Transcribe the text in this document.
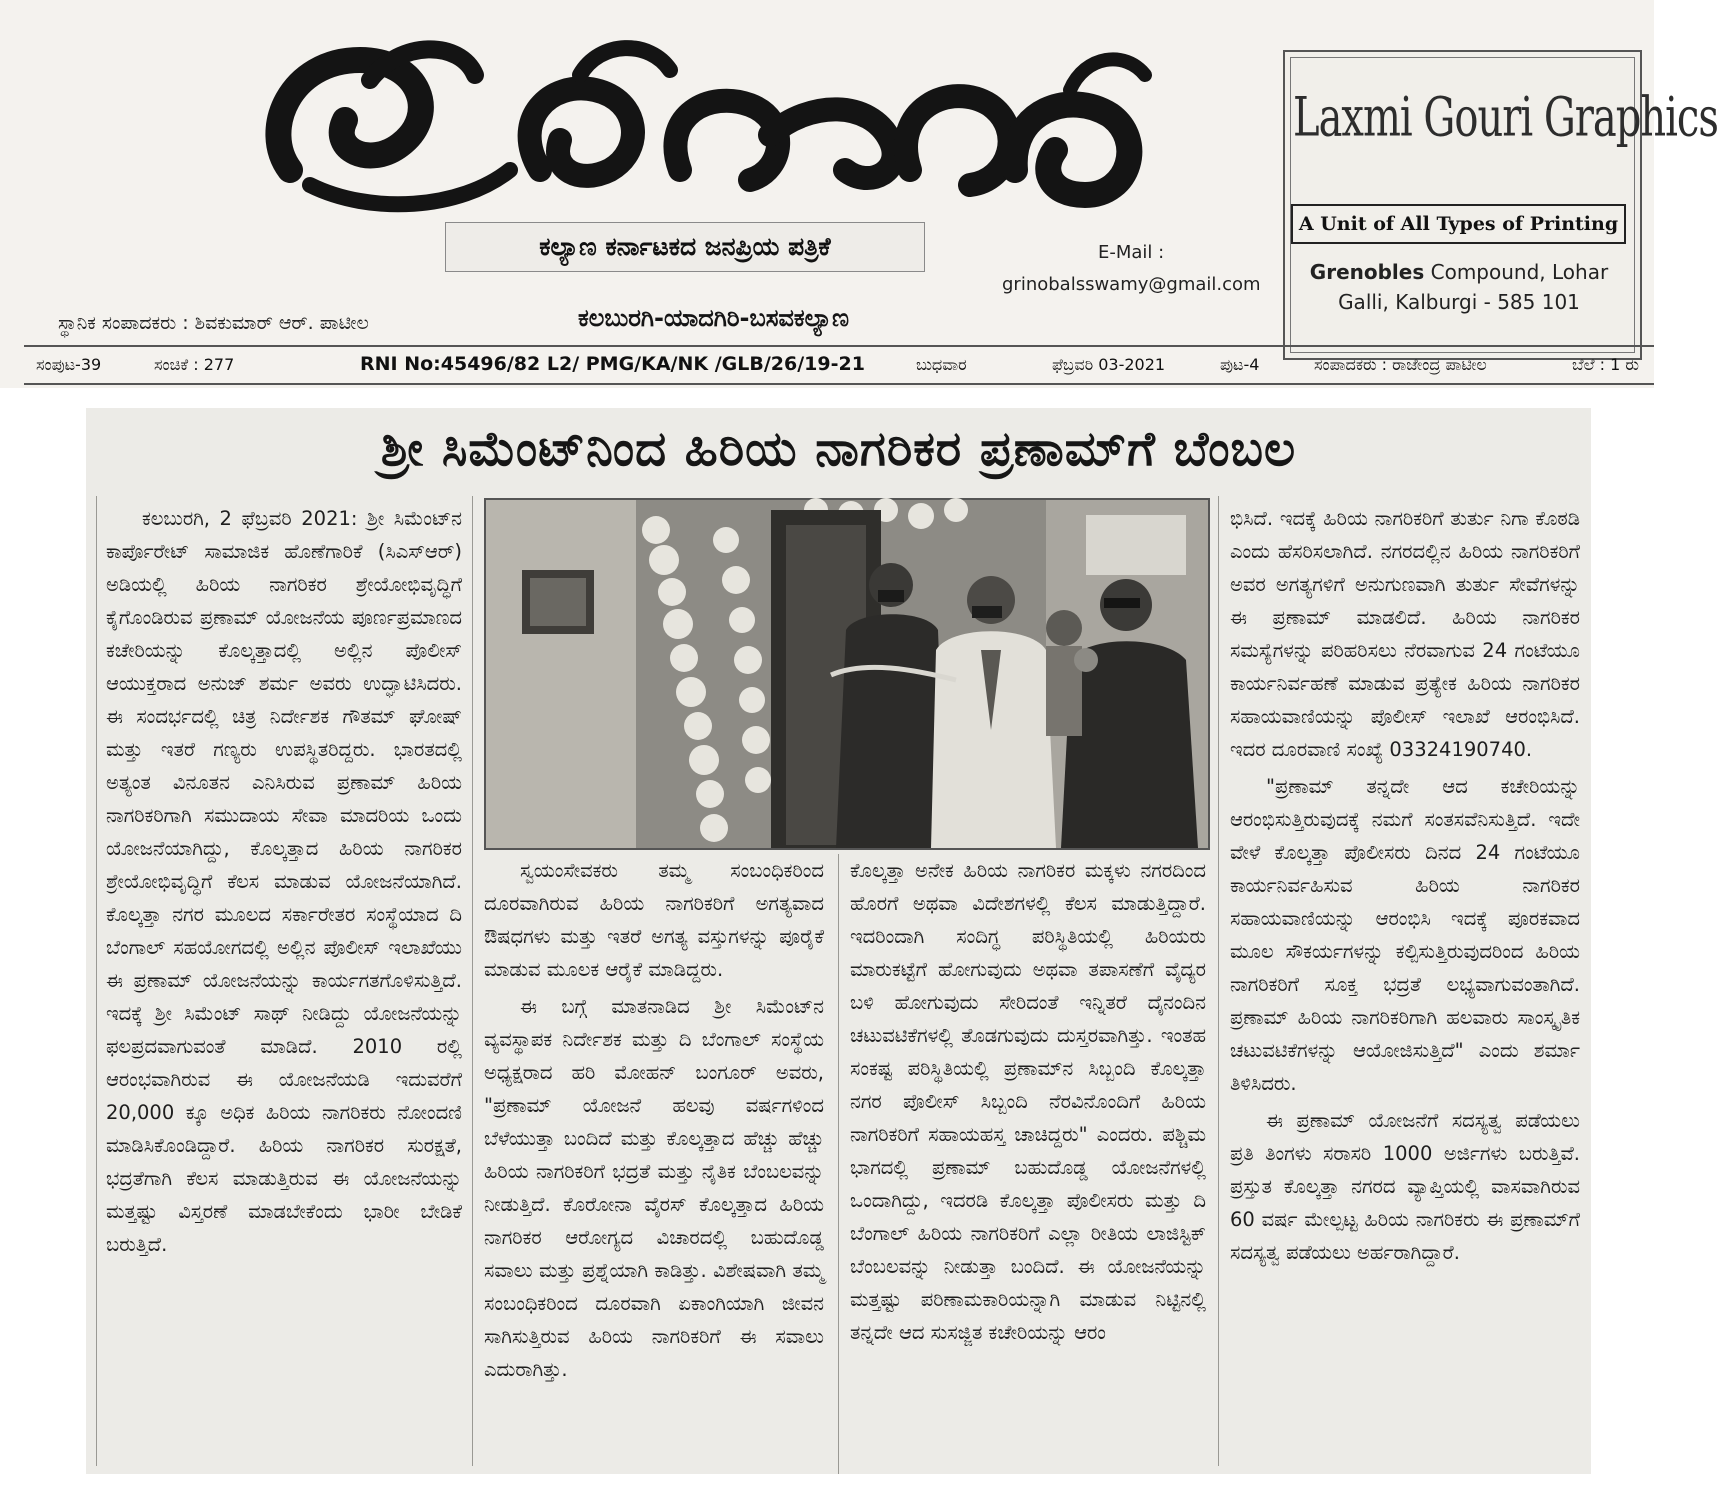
ಶ್ರೀನೋಬಲ್ಲ
ಕಲ್ಯಾಣ ಕರ್ನಾಟಕದ ಜನಪ್ರಿಯ ಪತ್ರಿಕೆ	E-Mail :
grinobalsswamy@gmail.com
ಸ್ಥಾನಿಕ ಸಂಪಾದಕರು : ಶಿವಕುಮಾರ್ ಆರ್. ಪಾಟೀಲ	ಕಲಬುರಗಿ-ಯಾದಗಿರಿ-ಬಸವಕಲ್ಯಾಣ
Laxmi Gouri Graphics
A Unit of All Types of Printing
Grenobles Compound, Lohar
Galli, Kalburgi - 585 101
ಸಂಪುಟ-39	ಸಂಚಿಕೆ : 277	RNI No:45496/82 L2/ PMG/KA/NK /GLB/26/19-21	ಬುಧವಾರ	ಫೆಬ್ರವರಿ 03-2021	ಪುಟ-4	ಸಂಪಾದಕರು : ರಾಜೇಂದ್ರ ಪಾಟೀಲ	ಬೆಲೆ : 1 ರು
ಶ್ರೀ ಸಿಮೆಂಟ್‌ನಿಂದ ಹಿರಿಯ ನಾಗರಿಕರ ಪ್ರಣಾಮ್‌ಗೆ ಬೆಂಬಲ

ಕಲಬುರಗಿ, 2 ಫೆಬ್ರವರಿ 2021: ಶ್ರೀ ಸಿಮೆಂಟ್‌ನ ಕಾರ್ಪೊರೇಟ್ ಸಾಮಾಜಿಕ ಹೊಣೆಗಾರಿಕೆ (ಸಿಎಸ್‌ಆರ್) ಅಡಿಯಲ್ಲಿ ಹಿರಿಯ ನಾಗರಿಕರ ಶ್ರೇಯೋಭಿವೃದ್ಧಿಗೆ ಕೈಗೊಂಡಿರುವ ಪ್ರಣಾಮ್ ಯೋಜನೆಯ ಪೂರ್ಣಪ್ರಮಾಣದ ಕಚೇರಿಯನ್ನು ಕೊಲ್ಕತ್ತಾದಲ್ಲಿ ಅಲ್ಲಿನ ಪೊಲೀಸ್ ಆಯುಕ್ತರಾದ ಅನುಜ್ ಶರ್ಮ ಅವರು ಉದ್ಘಾಟಿಸಿದರು. ಈ ಸಂದರ್ಭದಲ್ಲಿ ಚಿತ್ರ ನಿರ್ದೇಶಕ ಗೌತಮ್ ಘೋಷ್ ಮತ್ತು ಇತರೆ ಗಣ್ಯರು ಉಪಸ್ಥಿತರಿದ್ದರು. ಭಾರತದಲ್ಲಿ ಅತ್ಯಂತ ವಿನೂತನ ಎನಿಸಿರುವ ಪ್ರಣಾಮ್ ಹಿರಿಯ ನಾಗರಿಕರಿಗಾಗಿ ಸಮುದಾಯ ಸೇವಾ ಮಾದರಿಯ ಒಂದು ಯೋಜನೆಯಾಗಿದ್ದು, ಕೊಲ್ಕತ್ತಾದ ಹಿರಿಯ ನಾಗರಿಕರ ಶ್ರೇಯೋಭಿವೃದ್ಧಿಗೆ ಕೆಲಸ ಮಾಡುವ ಯೋಜನೆಯಾಗಿದೆ. ಕೊಲ್ಕತ್ತಾ ನಗರ ಮೂಲದ ಸರ್ಕಾರೇತರ ಸಂಸ್ಥೆಯಾದ ದಿ ಬೆಂಗಾಲ್ ಸಹಯೋಗದಲ್ಲಿ ಅಲ್ಲಿನ ಪೊಲೀಸ್ ಇಲಾಖೆಯು ಈ ಪ್ರಣಾಮ್ ಯೋಜನೆಯನ್ನು ಕಾರ್ಯಗತಗೊಳಿಸುತ್ತಿದೆ. ಇದಕ್ಕೆ ಶ್ರೀ ಸಿಮೆಂಟ್ ಸಾಥ್ ನೀಡಿದ್ದು ಯೋಜನೆಯನ್ನು ಫಲಪ್ರದವಾಗುವಂತೆ ಮಾಡಿದೆ. 2010 ರಲ್ಲಿ ಆರಂಭವಾಗಿರುವ ಈ ಯೋಜನೆಯಡಿ ಇದುವರೆಗೆ 20,000 ಕ್ಕೂ ಅಧಿಕ ಹಿರಿಯ ನಾಗರಿಕರು ನೋಂದಣಿ ಮಾಡಿಸಿಕೊಂಡಿದ್ದಾರೆ. ಹಿರಿಯ ನಾಗರಿಕರ ಸುರಕ್ಷತೆ, ಭದ್ರತೆಗಾಗಿ ಕೆಲಸ ಮಾಡುತ್ತಿರುವ ಈ ಯೋಜನೆಯನ್ನು ಮತ್ತಷ್ಟು ವಿಸ್ತರಣೆ ಮಾಡಬೇಕೆಂದು ಭಾರೀ ಬೇಡಿಕೆ ಬರುತ್ತಿದೆ.

ಸ್ವಯಂಸೇವಕರು ತಮ್ಮ ಸಂಬಂಧಿಕರಿಂದ ದೂರವಾಗಿರುವ ಹಿರಿಯ ನಾಗರಿಕರಿಗೆ ಅಗತ್ಯವಾದ ಔಷಧಗಳು ಮತ್ತು ಇತರೆ ಅಗತ್ಯ ವಸ್ತುಗಳನ್ನು ಪೂರೈಕೆ ಮಾಡುವ ಮೂಲಕ ಆರೈಕೆ ಮಾಡಿದ್ದರು.

ಈ ಬಗ್ಗೆ ಮಾತನಾಡಿದ ಶ್ರೀ ಸಿಮೆಂಟ್‌ನ ವ್ಯವಸ್ಥಾಪಕ ನಿರ್ದೇಶಕ ಮತ್ತು ದಿ ಬೆಂಗಾಲ್ ಸಂಸ್ಥೆಯ ಅಧ್ಯಕ್ಷರಾದ ಹರಿ ಮೋಹನ್ ಬಂಗೂರ್ ಅವರು, "ಪ್ರಣಾಮ್ ಯೋಜನೆ ಹಲವು ವರ್ಷಗಳಿಂದ ಬೆಳೆಯುತ್ತಾ ಬಂದಿದೆ ಮತ್ತು ಕೊಲ್ಕತ್ತಾದ ಹೆಚ್ಚು ಹೆಚ್ಚು ಹಿರಿಯ ನಾಗರಿಕರಿಗೆ ಭದ್ರತೆ ಮತ್ತು ನೈತಿಕ ಬೆಂಬಲವನ್ನು ನೀಡುತ್ತಿದೆ. ಕೊರೋನಾ ವೈರಸ್ ಕೊಲ್ಕತ್ತಾದ ಹಿರಿಯ ನಾಗರಿಕರ ಆರೋಗ್ಯದ ವಿಚಾರದಲ್ಲಿ ಬಹುದೊಡ್ಡ ಸವಾಲು ಮತ್ತು ಪ್ರಶ್ನೆಯಾಗಿ ಕಾಡಿತ್ತು. ವಿಶೇಷವಾಗಿ ತಮ್ಮ ಸಂಬಂಧಿಕರಿಂದ ದೂರವಾಗಿ ಏಕಾಂಗಿಯಾಗಿ ಜೀವನ ಸಾಗಿಸುತ್ತಿರುವ ಹಿರಿಯ ನಾಗರಿಕರಿಗೆ ಈ ಸವಾಲು ಎದುರಾಗಿತ್ತು.

ಕೊಲ್ಕತ್ತಾ ಅನೇಕ ಹಿರಿಯ ನಾಗರಿಕರ ಮಕ್ಕಳು ನಗರದಿಂದ ಹೊರಗೆ ಅಥವಾ ವಿದೇಶಗಳಲ್ಲಿ ಕೆಲಸ ಮಾಡುತ್ತಿದ್ದಾರೆ. ಇದರಿಂದಾಗಿ ಸಂದಿಗ್ಧ ಪರಿಸ್ಥಿತಿಯಲ್ಲಿ ಹಿರಿಯರು ಮಾರುಕಟ್ಟೆಗೆ ಹೋಗುವುದು ಅಥವಾ ತಪಾಸಣೆಗೆ ವೈದ್ಯರ ಬಳಿ ಹೋಗುವುದು ಸೇರಿದಂತೆ ಇನ್ನಿತರೆ ದೈನಂದಿನ ಚಟುವಟಿಕೆಗಳಲ್ಲಿ ತೊಡಗುವುದು ದುಸ್ತರವಾಗಿತ್ತು. ಇಂತಹ ಸಂಕಷ್ಟ ಪರಿಸ್ಥಿತಿಯಲ್ಲಿ ಪ್ರಣಾಮ್‌ನ ಸಿಬ್ಬಂದಿ ಕೊಲ್ಕತ್ತಾ ನಗರ ಪೊಲೀಸ್ ಸಿಬ್ಬಂದಿ ನೆರವಿನೊಂದಿಗೆ ಹಿರಿಯ ನಾಗರಿಕರಿಗೆ ಸಹಾಯಹಸ್ತ ಚಾಚಿದ್ದರು" ಎಂದರು. ಪಶ್ಚಿಮ ಭಾಗದಲ್ಲಿ ಪ್ರಣಾಮ್ ಬಹುದೊಡ್ಡ ಯೋಜನೆಗಳಲ್ಲಿ ಒಂದಾಗಿದ್ದು, ಇದರಡಿ ಕೊಲ್ಕತ್ತಾ ಪೊಲೀಸರು ಮತ್ತು ದಿ ಬೆಂಗಾಲ್ ಹಿರಿಯ ನಾಗರಿಕರಿಗೆ ಎಲ್ಲಾ ರೀತಿಯ ಲಾಜಿಸ್ಟಿಕ್ ಬೆಂಬಲವನ್ನು ನೀಡುತ್ತಾ ಬಂದಿದೆ. ಈ ಯೋಜನೆಯನ್ನು ಮತ್ತಷ್ಟು ಪರಿಣಾಮಕಾರಿಯನ್ನಾಗಿ ಮಾಡುವ ನಿಟ್ಟಿನಲ್ಲಿ ತನ್ನದೇ ಆದ ಸುಸಜ್ಜಿತ ಕಚೇರಿಯನ್ನು ಆರಂ

ಭಿಸಿದೆ. ಇದಕ್ಕೆ ಹಿರಿಯ ನಾಗರಿಕರಿಗೆ ತುರ್ತು ನಿಗಾ ಕೊಠಡಿ ಎಂದು ಹೆಸರಿಸಲಾಗಿದೆ. ನಗರದಲ್ಲಿನ ಹಿರಿಯ ನಾಗರಿಕರಿಗೆ ಅವರ ಅಗತ್ಯಗಳಿಗೆ ಅನುಗುಣವಾಗಿ ತುರ್ತು ಸೇವೆಗಳನ್ನು ಈ ಪ್ರಣಾಮ್ ಮಾಡಲಿದೆ. ಹಿರಿಯ ನಾಗರಿಕರ ಸಮಸ್ಯೆಗಳನ್ನು ಪರಿಹರಿಸಲು ನೆರವಾಗುವ 24 ಗಂಟೆಯೂ ಕಾರ್ಯನಿರ್ವಹಣೆ ಮಾಡುವ ಪ್ರತ್ಯೇಕ ಹಿರಿಯ ನಾಗರಿಕರ ಸಹಾಯವಾಣಿಯನ್ನು ಪೊಲೀಸ್ ಇಲಾಖೆ ಆರಂಭಿಸಿದೆ. ಇದರ ದೂರವಾಣಿ ಸಂಖ್ಯೆ 03324190740.

"ಪ್ರಣಾಮ್ ತನ್ನದೇ ಆದ ಕಚೇರಿಯನ್ನು ಆರಂಭಿಸುತ್ತಿರುವುದಕ್ಕೆ ನಮಗೆ ಸಂತಸವೆನಿಸುತ್ತಿದೆ. ಇದೇ ವೇಳೆ ಕೊಲ್ಕತ್ತಾ ಪೊಲೀಸರು ದಿನದ 24 ಗಂಟೆಯೂ ಕಾರ್ಯನಿರ್ವಹಿಸುವ ಹಿರಿಯ ನಾಗರಿಕರ ಸಹಾಯವಾಣಿಯನ್ನು ಆರಂಭಿಸಿ ಇದಕ್ಕೆ ಪೂರಕವಾದ ಮೂಲ ಸೌಕರ್ಯಗಳನ್ನು ಕಲ್ಪಿಸುತ್ತಿರುವುದರಿಂದ ಹಿರಿಯ ನಾಗರಿಕರಿಗೆ ಸೂಕ್ತ ಭದ್ರತೆ ಲಭ್ಯವಾಗುವಂತಾಗಿದೆ. ಪ್ರಣಾಮ್ ಹಿರಿಯ ನಾಗರಿಕರಿಗಾಗಿ ಹಲವಾರು ಸಾಂಸ್ಕೃತಿಕ ಚಟುವಟಿಕೆಗಳನ್ನು ಆಯೋಜಿಸುತ್ತಿದೆ" ಎಂದು ಶರ್ಮಾ ತಿಳಿಸಿದರು.

ಈ ಪ್ರಣಾಮ್ ಯೋಜನೆಗೆ ಸದಸ್ಯತ್ವ ಪಡೆಯಲು ಪ್ರತಿ ತಿಂಗಳು ಸರಾಸರಿ 1000 ಅರ್ಜಿಗಳು ಬರುತ್ತಿವೆ. ಪ್ರಸ್ತುತ ಕೊಲ್ಕತ್ತಾ ನಗರದ ವ್ಯಾಪ್ತಿಯಲ್ಲಿ ವಾಸವಾಗಿರುವ 60 ವರ್ಷ ಮೇಲ್ಪಟ್ಟ ಹಿರಿಯ ನಾಗರಿಕರು ಈ ಪ್ರಣಾಮ್‌ಗೆ ಸದಸ್ಯತ್ವ ಪಡೆಯಲು ಅರ್ಹರಾಗಿದ್ದಾರೆ.
